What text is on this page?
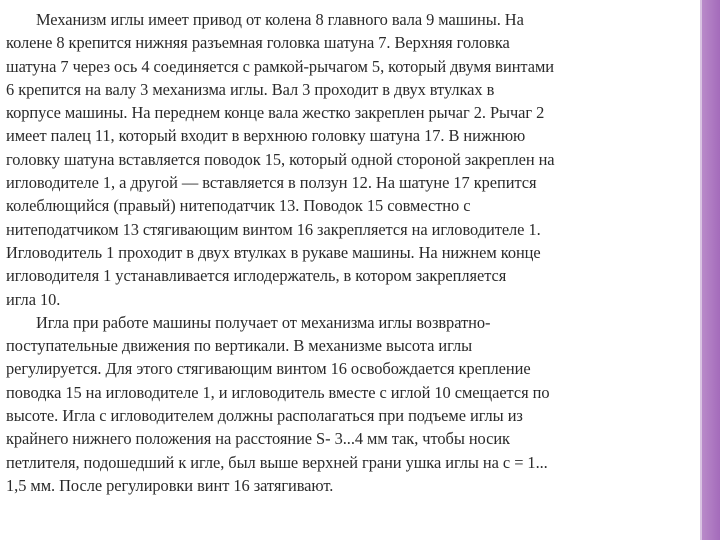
Механизм иглы имеет привод от колена 8 главного вала 9 машины. На
колене 8 крепится нижняя разъемная головка шатуна 7. Верхняя головка
шатуна 7 через ось 4 соединяется с рамкой-рычагом 5, который двумя винтами
6 крепится на валу 3 механизма иглы. Вал 3 проходит в двух втулках в
корпусе машины. На переднем конце вала жестко закреплен рычаг 2. Рычаг 2
имеет палец 11, который входит в верхнюю головку шатуна 17. В нижнюю
головку шатуна вставляется поводок 15, который одной стороной закреплен на
игловодителе 1, а другой — вставляется в ползун 12. На шатуне 17 крепится
колеблющийся (правый) нитеподатчик 13. Поводок 15 совместно с
нитеподатчиком 13 стягивающим винтом 16 закрепляется на игловодителе 1.
Игловодитель 1 проходит в двух втулках в рукаве машины. На нижнем конце
игловодителя 1 устанавливается иглодержатель, в котором закрепляется
игла 10.
Игла при работе машины получает от механизма иглы возвратно-
поступательные движения по вертикали. В механизме высота иглы
регулируется. Для этого стягивающим винтом 16 освобождается крепление
поводка 15 на игловодителе 1, и игловодитель вместе с иглой 10 смещается по
высоте. Игла с игловодителем должны располагаться при подъеме иглы из
крайнего нижнего положения на расстояние S- 3...4 мм так, чтобы носик
петлителя, подошедший к игле, был выше верхней грани ушка иглы на с = 1...
1,5 мм. После регулировки винт 16 затягивают.
